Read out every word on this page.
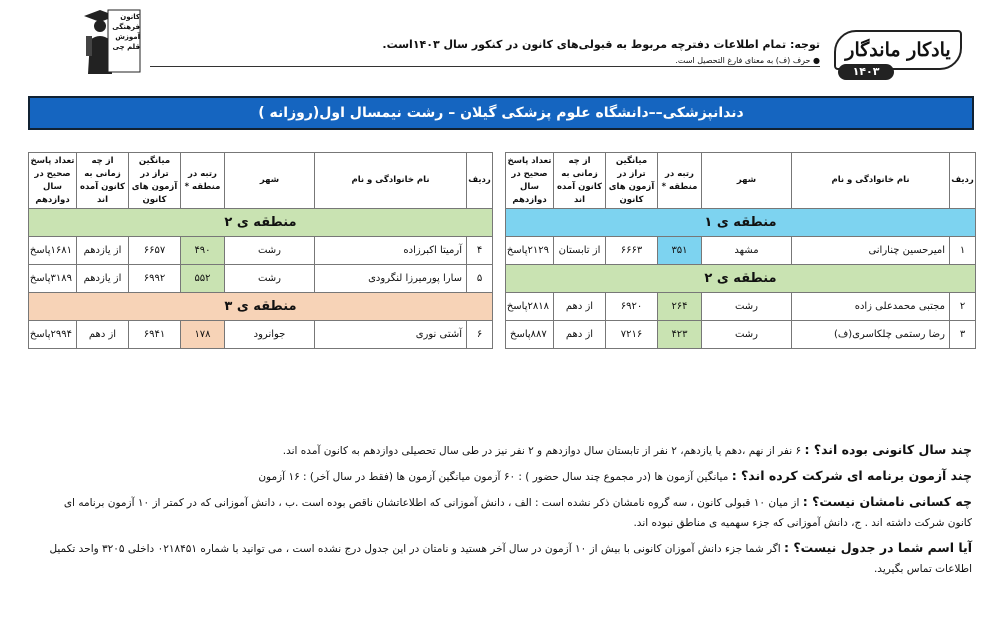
کانون
فرهنگی
آموزش
قلم چی	توجه: تمام اطلاعات دفترچه مربوط به قبولی‌های کانون در کنکور سال ۱۴۰۳است.
● حرف (ف) به معنای فارغ التحصیل است.	یادکار ماندگار
۱۴۰۳
دندانپزشکی––دانشگاه علوم پزشکی گیلان – رشت نیمسال اول(روزانه )
ردیف	نام خانوادگی و نام	شهر	رتبه در منطقه *	میانگین تراز در آزمون های کانون	از چه زمانی به کانون آمده اند	تعداد پاسخ صحیح در سال دوازدهم
منطقه ی ۱						
۱	امیرحسین چنارانی	مشهد	۳۵۱	۶۶۶۳	از تابستان	۲۱۲۹پاسخ
منطقه ی ۲						
۲	مجتبی محمدعلی زاده	رشت	۲۶۴	۶۹۲۰	از دهم	۲۸۱۸پاسخ
۳	رضا رستمی چلکاسری(ف)	رشت	۴۲۳	۷۲۱۶	از دهم	۸۸۷پاسخ
ردیف	نام خانوادگی و نام	شهر	رتبه در منطقه *	میانگین تراز در آزمون های کانون	از چه زمانی به کانون آمده اند	تعداد پاسخ صحیح در سال دوازدهم
منطقه ی ۲						
۴	آرمیتا اکبرزاده	رشت	۴۹۰	۶۶۵۷	از یازدهم	۱۶۸۱پاسخ
۵	سارا پورمیرزا لنگرودی	رشت	۵۵۲	۶۹۹۲	از یازدهم	۳۱۸۹پاسخ
منطقه ی ۳						
۶	آشتی نوری	جوانرود	۱۷۸	۶۹۴۱	از دهم	۲۹۹۴پاسخ

چند سال کانونی بوده اند؟ : ۶ نفر از نهم ،دهم یا یازدهم، ۲ نفر از تابستان سال دوازدهم و ۲ نفر نیز در طی سال تحصیلی دوازدهم به کانون آمده اند.

چند آزمون برنامه ای شرکت کرده اند؟ : میانگین آزمون ها (در مجموع چند سال حضور ) : ۶۰ آزمون میانگین آزمون ها (فقط در سال آخر) : ۱۶ آزمون

چه کسانی نامشان نیست؟ : از میان ۱۰ قبولی کانون ، سه گروه نامشان ذکر نشده است : الف ، دانش آموزانی که اطلاعاتشان ناقص بوده است .ب ، دانش آموزانی که در کمتر از ۱۰ آزمون برنامه ای کانون شرکت داشته اند . ج، دانش آموزانی که جزء سهمیه ی مناطق نبوده اند.

آیا اسم شما در جدول نیست؟ : اگر شما جزء دانش آموزان کانونی با بیش از ۱۰ آزمون در سال آخر هستید و نامتان در این جدول درج نشده است ، می توانید با شماره ۰۲۱۸۴۵۱ داخلی ۳۲۰۵ واحد تکمیل اطلاعات تماس بگیرید.
